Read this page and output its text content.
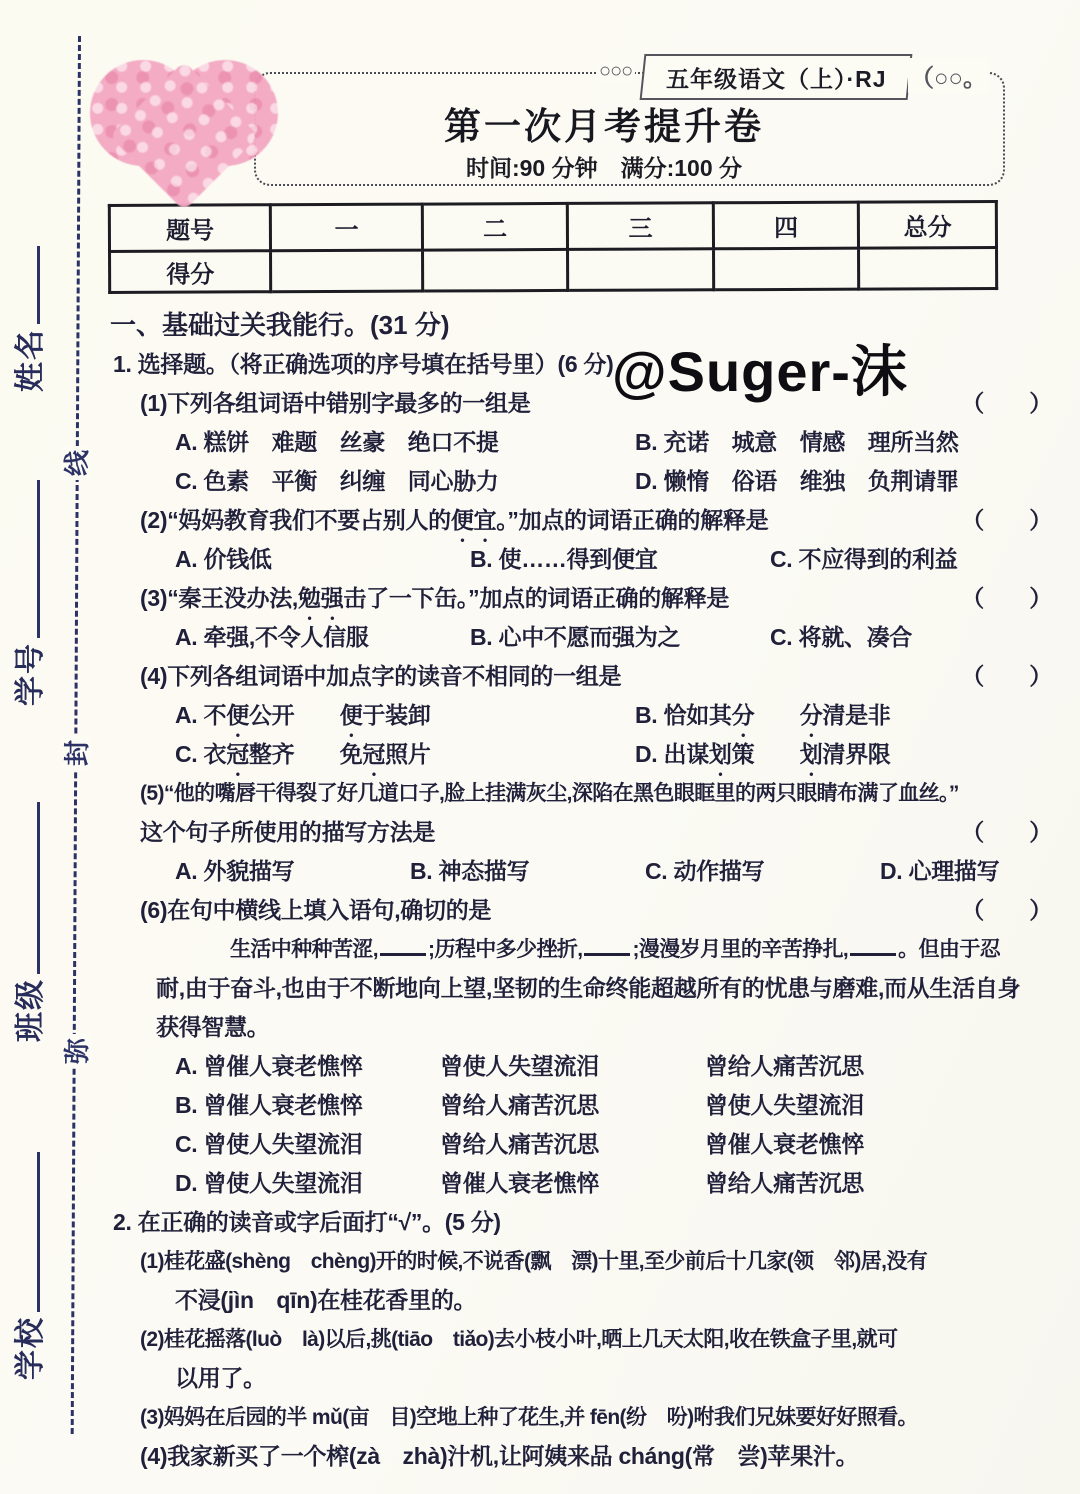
线
封
弥
姓名
学号
班级
学校
○○○ 五年级语文（上）·RJ （○○。
第一次月考提升卷
时间:90 分钟　满分:100 分
@Suger-沫
题号	一	二	三	四	总分
得分					
一、基础过关我能行。(31 分)
1. 选择题。（将正确选项的序号填在括号里）(6 分)
(1)下列各组词语中错别字最多的一组是	（　　）
A. 糕饼　难题　丝豪　绝口不提	B. 充诺　城意　情感　理所当然
C. 色素　平衡　纠缠　同心胁力	D. 懒惰　俗语　维独　负荆请罪
(2)“妈妈教育我们不要占别人的便宜。”加点的词语正确的解释是	（　　）
A. 价钱低	B. 使……得到便宜	C. 不应得到的利益
(3)“秦王没办法,勉强击了一下缶。”加点的词语正确的解释是	（　　）
A. 牵强,不令人信服	B. 心中不愿而强为之	C. 将就、凑合
(4)下列各组词语中加点字的读音不相同的一组是	（　　）
A. 不便公开　　便于装卸	B. 恰如其分　　 分清是非
C. 衣冠整齐　　免冠照片	D. 出谋划策　　划清界限
(5)“他的嘴唇干得裂了好几道口子,脸上挂满灰尘,深陷在黑色眼眶里的两只眼睛布满了血丝。”
这个句子所使用的描写方法是	（　　）
A. 外貌描写	B. 神态描写	C. 动作描写	D. 心理描写
(6)在句中横线上填入语句,确切的是	（　　）
生活中种种苦涩, ;历程中多少挫折, ;漫漫岁月里的辛苦挣扎, 。但由于忍
耐,由于奋斗,也由于不断地向上望,坚韧的生命终能超越所有的忧患与磨难,而从生活自身
获得智慧。
A. 曾催人衰老憔悴	曾使人失望流泪	曾给人痛苦沉思
B. 曾催人衰老憔悴	曾给人痛苦沉思	曾使人失望流泪
C. 曾使人失望流泪	曾给人痛苦沉思	曾催人衰老憔悴
D. 曾使人失望流泪	曾催人衰老憔悴	曾给人痛苦沉思
2. 在正确的读音或字后面打“√”。(5 分)
(1)桂花盛(shèng　chèng)开的时候,不说香(飘　漂)十里,至少前后十几家(领　邻)居,没有
不浸(jìn　qīn)在桂花香里的。
(2)桂花摇落(luò　là)以后,挑(tiāo　tiǎo)去小枝小叶,晒上几天太阳,收在铁盒子里,就可
以用了。
(3)妈妈在后园的半 mǔ(亩　目)空地上种了花生,并 fēn(纷　吩)咐我们兄妹要好好照看。
(4)我家新买了一个榨(zà　zhà)汁机,让阿姨来品 cháng(常　尝)苹果汁。
